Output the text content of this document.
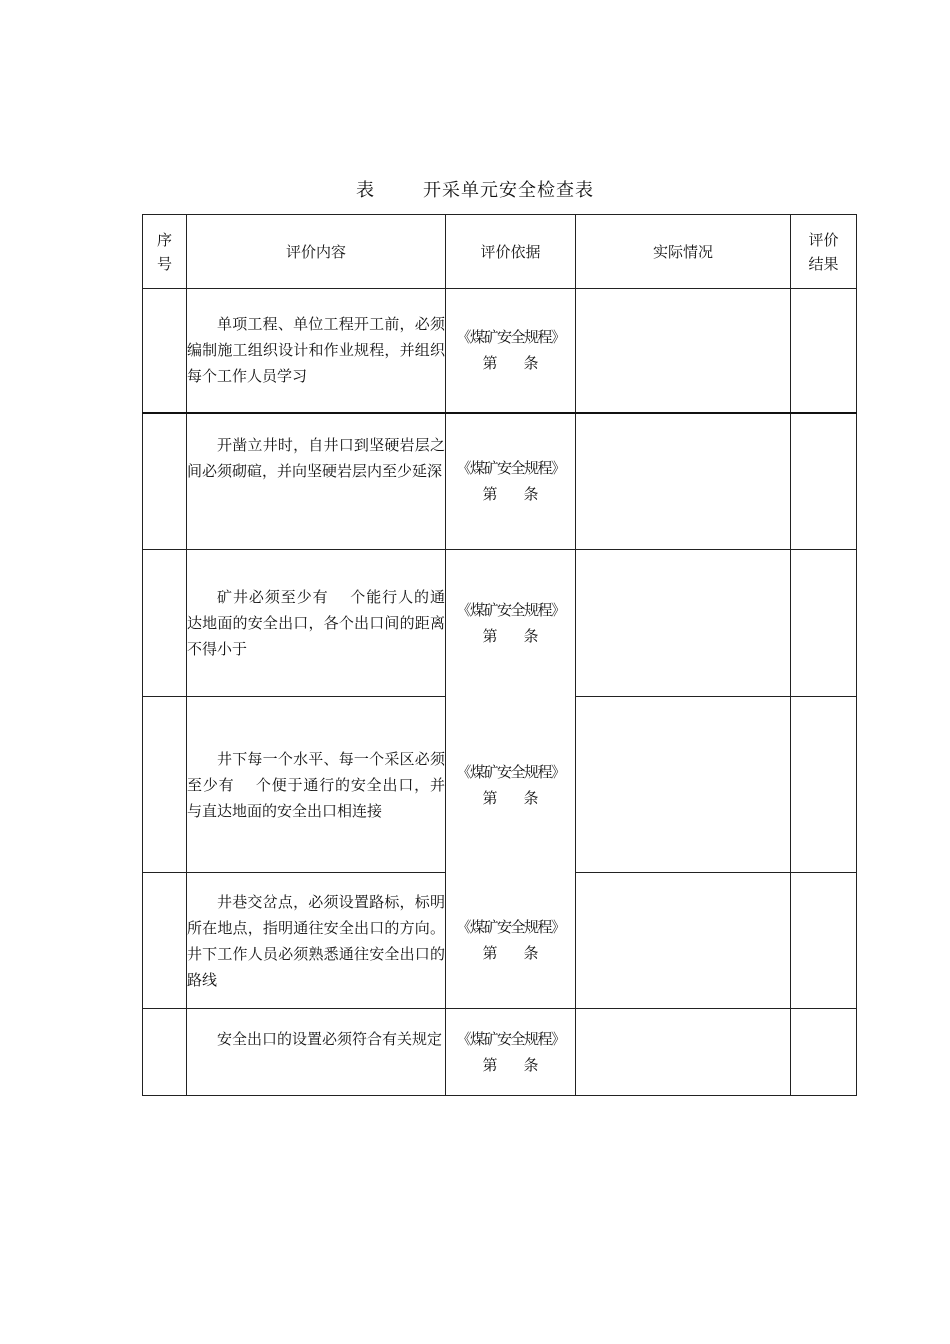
表	开采单元安全检查表
序
号	评价内容	评价依据	实际情况	评价
结果

	单项工程、单位工程开工前，必须编制施工组织设计和作业规程，并组织每个工作人员学习	《煤矿安全规程》
第 条		

	开凿立井时，自井口到坚硬岩层之间必须砌碹，并向坚硬岩层内至少延深	《煤矿安全规程》
第 条		

	矿井必须至少有　 个能行人的通达地面的安全出口，各个出口间的距离不得小于	《煤矿安全规程》
第 条		

	井下每一个水平、每一个采区必须至少有　 个便于通行的安全出口，并与直达地面的安全出口相连接	《煤矿安全规程》
第 条		

	井巷交岔点，必须设置路标，标明所在地点，指明通往安全出口的方向。井下工作人员必须熟悉通往安全出口的路线	《煤矿安全规程》
第 条		

	安全出口的设置必须符合有关规定	《煤矿安全规程》
第 条		
